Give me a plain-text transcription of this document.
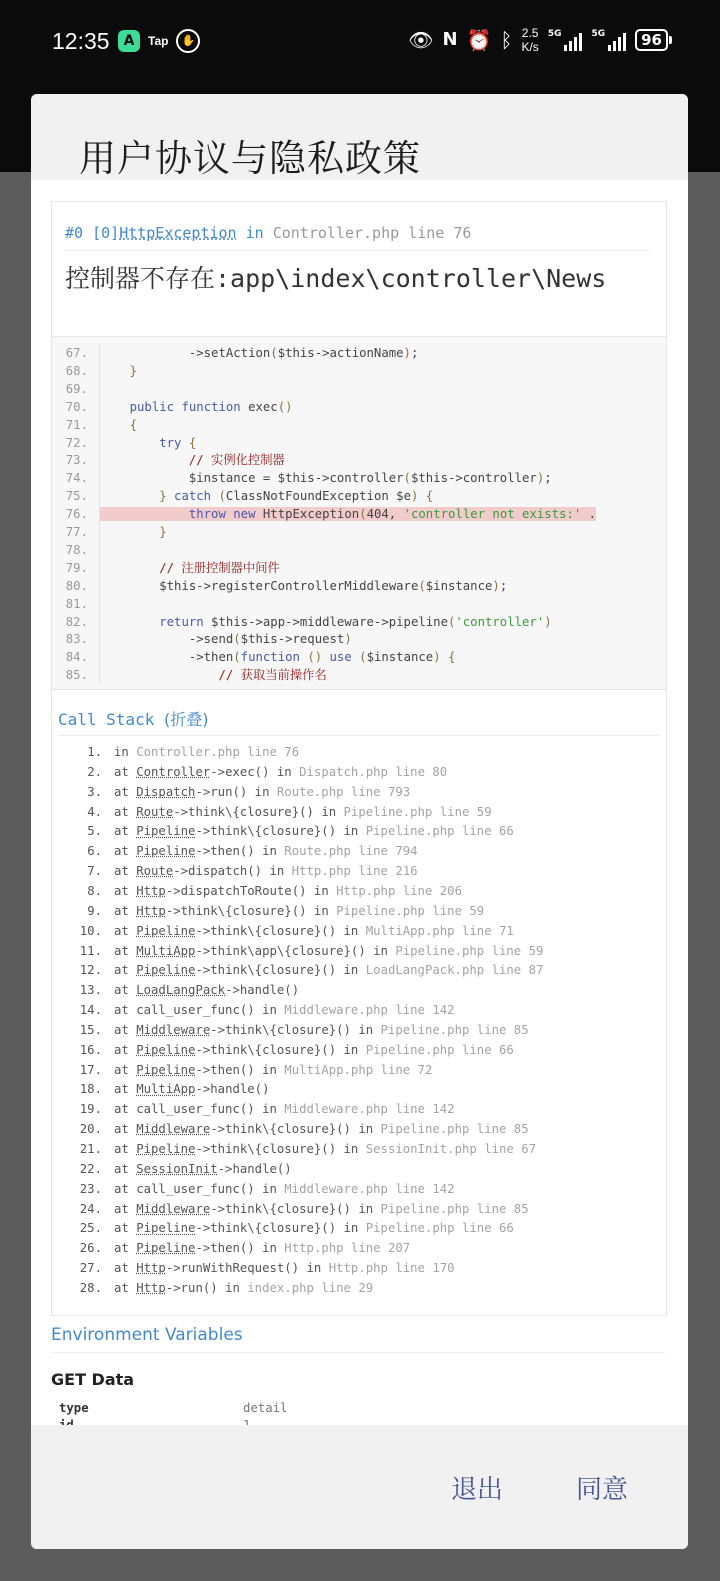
12:35	A	Tap	✋	👁 N ⏰ ᛒ 2.5
K/s
5G	5G	96
用户协议与隐私政策
#0 [0]HttpException in Controller.php line 76
控制器不存在:app\index\controller\News
67.            ->setAction($this->actionName);
68.	}
69.
70.	public function exec()
71.	{
72.	try {
73.            // 实例化控制器
74.            $instance = $this->controller($this->controller);
75.	} catch (ClassNotFoundException $e) {
76.	throw new HttpException(404, 'controller not exists:' .
77.	}
78.
79.        // 注册控制器中间件
80.        $this->registerControllerMiddleware($instance);
81.
82.	return $this->app->middleware->pipeline('controller')
83.            ->send($this->request)
84.            ->then(function () use ($instance) {
85.                // 获取当前操作名
Call Stack (折叠)
1. in Controller.php line 76
2. at Controller->exec() in Dispatch.php line 80
3. at Dispatch->run() in Route.php line 793
4. at Route->think\{closure}() in Pipeline.php line 59
5. at Pipeline->think\{closure}() in Pipeline.php line 66
6. at Pipeline->then() in Route.php line 794
7. at Route->dispatch() in Http.php line 216
8. at Http->dispatchToRoute() in Http.php line 206
9. at Http->think\{closure}() in Pipeline.php line 59
10. at Pipeline->think\{closure}() in MultiApp.php line 71
11. at MultiApp->think\app\{closure}() in Pipeline.php line 59
12. at Pipeline->think\{closure}() in LoadLangPack.php line 87
13. at LoadLangPack->handle()
14. at call_user_func() in Middleware.php line 142
15. at Middleware->think\{closure}() in Pipeline.php line 85
16. at Pipeline->think\{closure}() in Pipeline.php line 66
17. at Pipeline->then() in MultiApp.php line 72
18. at MultiApp->handle()
19. at call_user_func() in Middleware.php line 142
20. at Middleware->think\{closure}() in Pipeline.php line 85
21. at Pipeline->think\{closure}() in SessionInit.php line 67
22. at SessionInit->handle()
23. at call_user_func() in Middleware.php line 142
24. at Middleware->think\{closure}() in Pipeline.php line 85
25. at Pipeline->think\{closure}() in Pipeline.php line 66
26. at Pipeline->then() in Http.php line 207
27. at Http->runWithRequest() in Http.php line 170
28. at Http->run() in index.php line 29
Environment Variables
GET Data
type	detail
退出	同意
